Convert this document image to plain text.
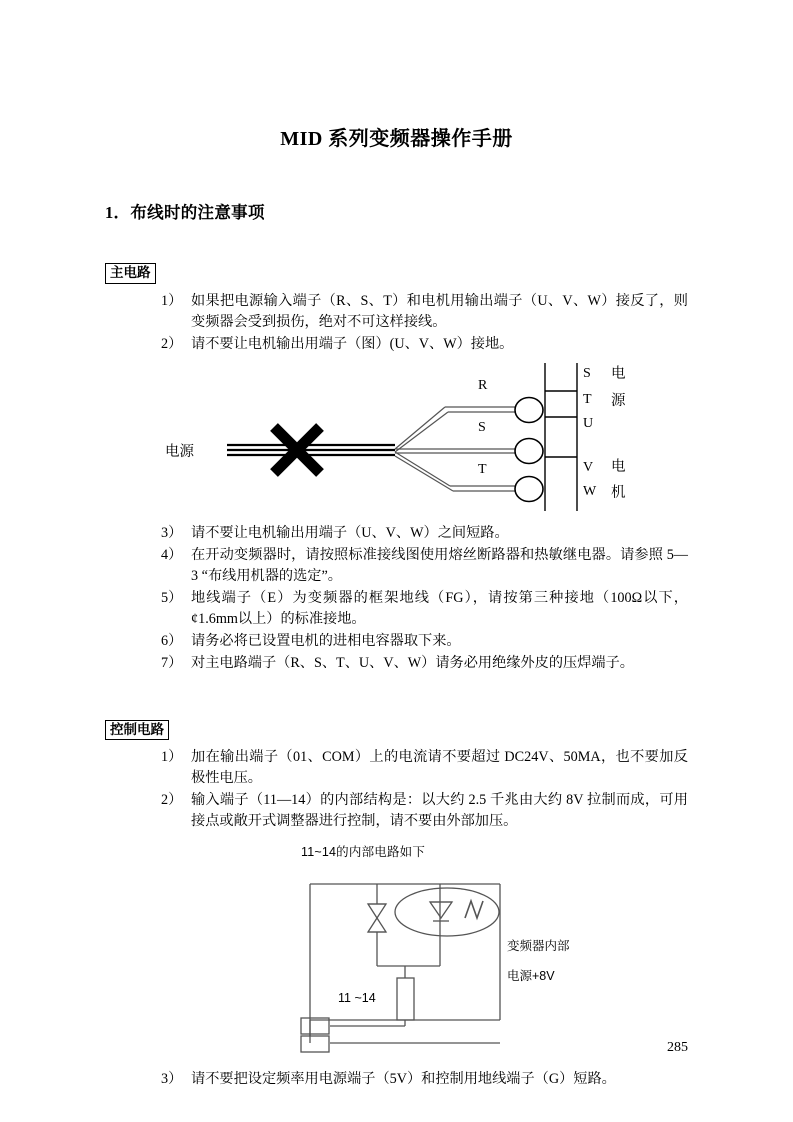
MID 系列变频器操作手册
1．布线时的注意事项
主电路
1） 如果把电源输入端子（R、S、T）和电机用输出端子（U、V、W）接反了，则变频器会受到损伤，绝对不可这样接线。
2） 请不要让电机输出用端子（图）(U、V、W）接地。
R
S
T
S
T
U
V
W
电
源
电
机
电源
3） 请不要让电机输出用端子（U、V、W）之间短路。
4） 在开动变频器时，请按照标准接线图使用熔丝断路器和热敏继电器。请参照 5—3 “布线用机器的选定”。
5） 地线端子（E）为变频器的框架地线（FG），请按第三种接地（100Ω以下，¢1.6mm以上）的标准接地。
6） 请务必将已设置电机的进相电容器取下来。
7） 对主电路端子（R、S、T、U、V、W）请务必用绝缘外皮的压焊端子。
控制电路
1） 加在输出端子（01、COM）上的电流请不要超过 DC24V、50MA，也不要加反极性电压。
2） 输入端子（11—14）的内部结构是：以大约 2.5 千兆由大约 8V 拉制而成，可用接点或敞开式调整器进行控制，请不要由外部加压。
11~14的内部电路如下
11 ~14
变频器内部
电源+8V
3） 请不要把设定频率用电源端子（5V）和控制用地线端子（G）短路。
285
